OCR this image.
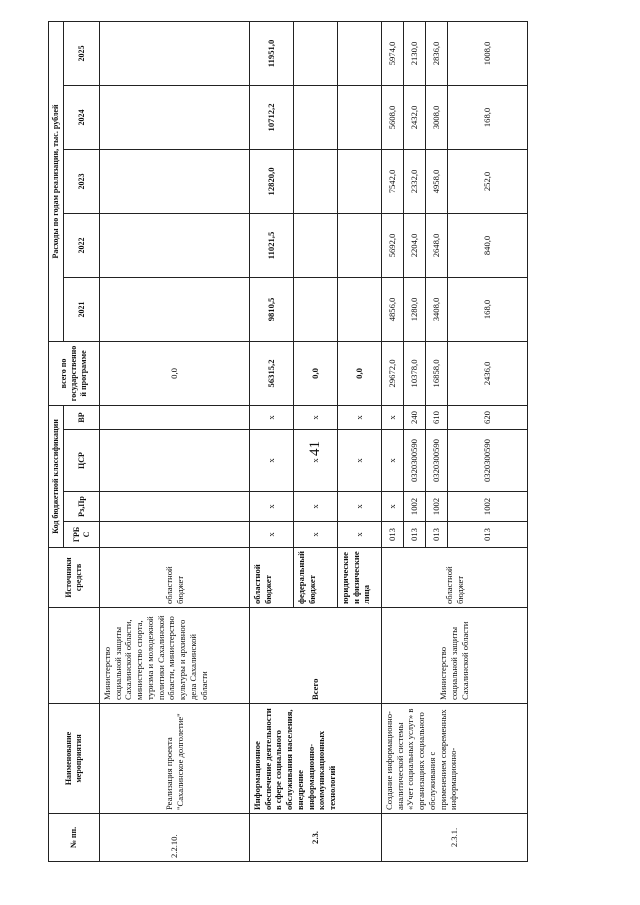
41
№ пп.	Наименование мероприятия		Источники средств	Код бюджетной классификации				всего по государственной программе	Расходы по годам реализации, тыс. рублей				
				ГРБС	Рз,Пр	ЦСР	ВР		2021	2022	2023	2024	2025
2.2.10.	Реализация проекта "Сахалинское долголетие"	Министерство социальной защиты Сахалинской области, министерство спорта, туризма и молодежной политики Сахалинской области, министерство культуры и архивного дела Сахалинской области	областной бюджет					0,0					
2.3.	Информационное обеспечение деятельности в сфере социального обслуживания населения, внедрение информационно-коммуникационных технологий	Всего	областной бюджет	х	х	х	х	56315,2	9810,5	11021,5	12820,0	10712,2	11951,0
			федеральный бюджет	х	х	х	х	0,0					
			юридические и физические лица	х	х	х	х	0,0					
2.3.1.	Создание информационно-аналитической системы «Учет социальных услуг» в организациях социального обслуживания с применением современных информационно-	Министерство социальной защиты Сахалинской области	областной бюджет	013	х	х	х	29672,0	4856,0	5692,0	7542,0	5608,0	5974,0
				013	1002	0320300590	240	10378,0	1280,0	2204,0	2332,0	2432,0	2130,0
				013	1002	0320300590	610	16858,0	3408,0	2648,0	4958,0	3008,0	2836,0
				013	1002	0320300590	620	2436,0	168,0	840,0	252,0	168,0	1008,0
